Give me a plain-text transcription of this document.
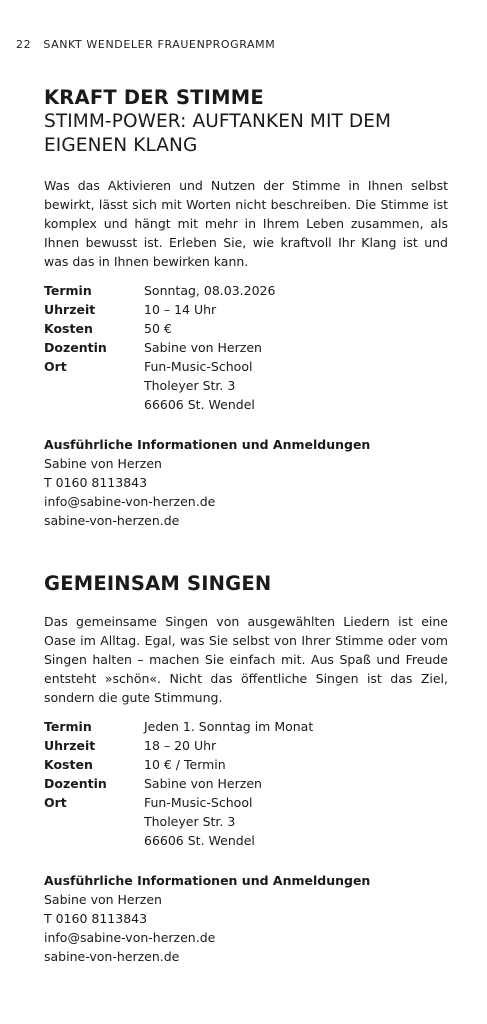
22 SANKT WENDELER FRAUENPROGRAMM
KRAFT DER STIMME
STIMM-POWER: AUFTANKEN MIT DEM
EIGENEN KLANG

Was das Aktivieren und Nutzen der Stimme in Ihnen selbst bewirkt, lässt sich mit Worten nicht beschreiben. Die Stimme ist komplex und hängt mit mehr in Ihrem Leben zusammen, als Ihnen bewusst ist. Erleben Sie, wie kraftvoll Ihr Klang ist und was das in Ihnen bewirken kann.

Termin	Sonntag, 08.03.2026
Uhrzeit	10 – 14 Uhr
Kosten	50 €
Dozentin	Sabine von Herzen
Ort	Fun-Music-School
Tholeyer Str. 3
66606 St. Wendel
Ausführliche Informationen und Anmeldungen
Sabine von Herzen
T 0160 8113843
info@sabine-von-herzen.de
sabine-von-herzen.de
GEMEINSAM SINGEN

Das gemeinsame Singen von ausgewählten Liedern ist eine Oase im Alltag. Egal, was Sie selbst von Ihrer Stimme oder vom Singen halten – machen Sie einfach mit. Aus Spaß und Freude entsteht »schön«. Nicht das öffentliche Singen ist das Ziel, sondern die gute Stimmung.

Termin	Jeden 1. Sonntag im Monat
Uhrzeit	18 – 20 Uhr
Kosten	10 € / Termin
Dozentin	Sabine von Herzen
Ort	Fun-Music-School
Tholeyer Str. 3
66606 St. Wendel
Ausführliche Informationen und Anmeldungen
Sabine von Herzen
T 0160 8113843
info@sabine-von-herzen.de
sabine-von-herzen.de
